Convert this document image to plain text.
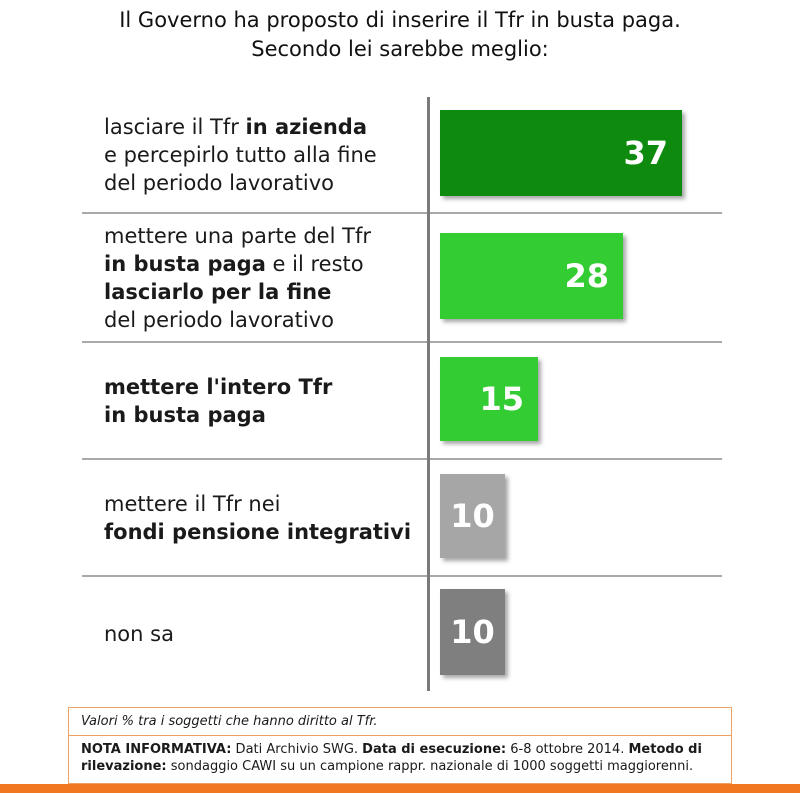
Il Governo ha proposto di inserire il Tfr in busta paga.
Secondo lei sarebbe meglio:
lasciare il Tfr in azienda
e percepirlo tutto alla fine
del periodo lavorativo
37
mettere una parte del Tfr
in busta paga e il resto
lasciarlo per la fine
del periodo lavorativo
28
mettere l'intero Tfr
in busta paga	15
mettere il Tfr nei
fondi pensione integrativi	10
non sa	10
Valori % tra i soggetti che hanno diritto al Tfr.
NOTA INFORMATIVA: Dati Archivio SWG. Data di esecuzione: 6-8 ottobre 2014. Metodo di rilevazione: sondaggio CAWI su un campione rappr. nazionale di 1000 soggetti maggiorenni.
